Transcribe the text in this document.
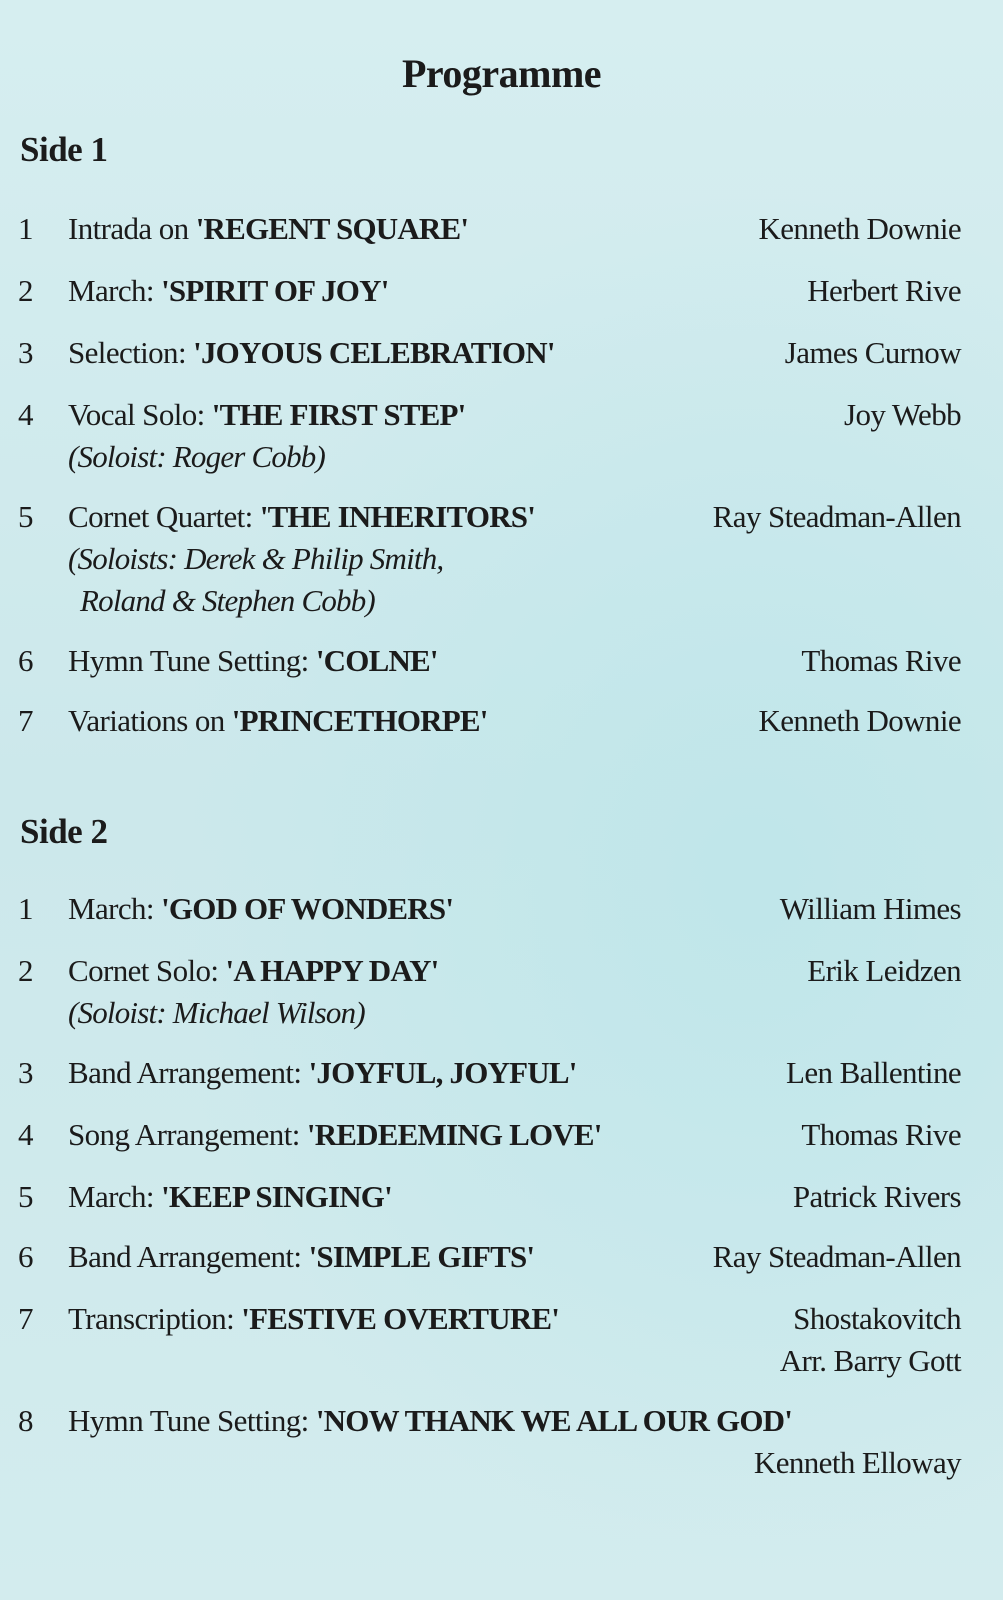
Programme
Side 1
1	Intrada on 'REGENT SQUARE'	Kenneth Downie
2	March: 'SPIRIT OF JOY'	Herbert Rive
3	Selection: 'JOYOUS CELEBRATION'	James Curnow
4	Vocal Solo: 'THE FIRST STEP'	Joy Webb
(Soloist: Roger Cobb)
5	Cornet Quartet: 'THE INHERITORS'	Ray Steadman-Allen
(Soloists: Derek & Philip Smith,
Roland & Stephen Cobb)
6	Hymn Tune Setting: 'COLNE'	Thomas Rive
7	Variations on 'PRINCETHORPE'	Kenneth Downie
Side 2
1	March: 'GOD OF WONDERS'	William Himes
2	Cornet Solo: 'A HAPPY DAY'	Erik Leidzen
(Soloist: Michael Wilson)
3	Band Arrangement: 'JOYFUL, JOYFUL'	Len Ballentine
4	Song Arrangement: 'REDEEMING LOVE'	Thomas Rive
5	March: 'KEEP SINGING'	Patrick Rivers
6	Band Arrangement: 'SIMPLE GIFTS'	Ray Steadman-Allen
7	Transcription: 'FESTIVE OVERTURE'	Shostakovitch
Arr. Barry Gott
8	Hymn Tune Setting: 'NOW THANK WE ALL OUR GOD'
Kenneth Elloway
